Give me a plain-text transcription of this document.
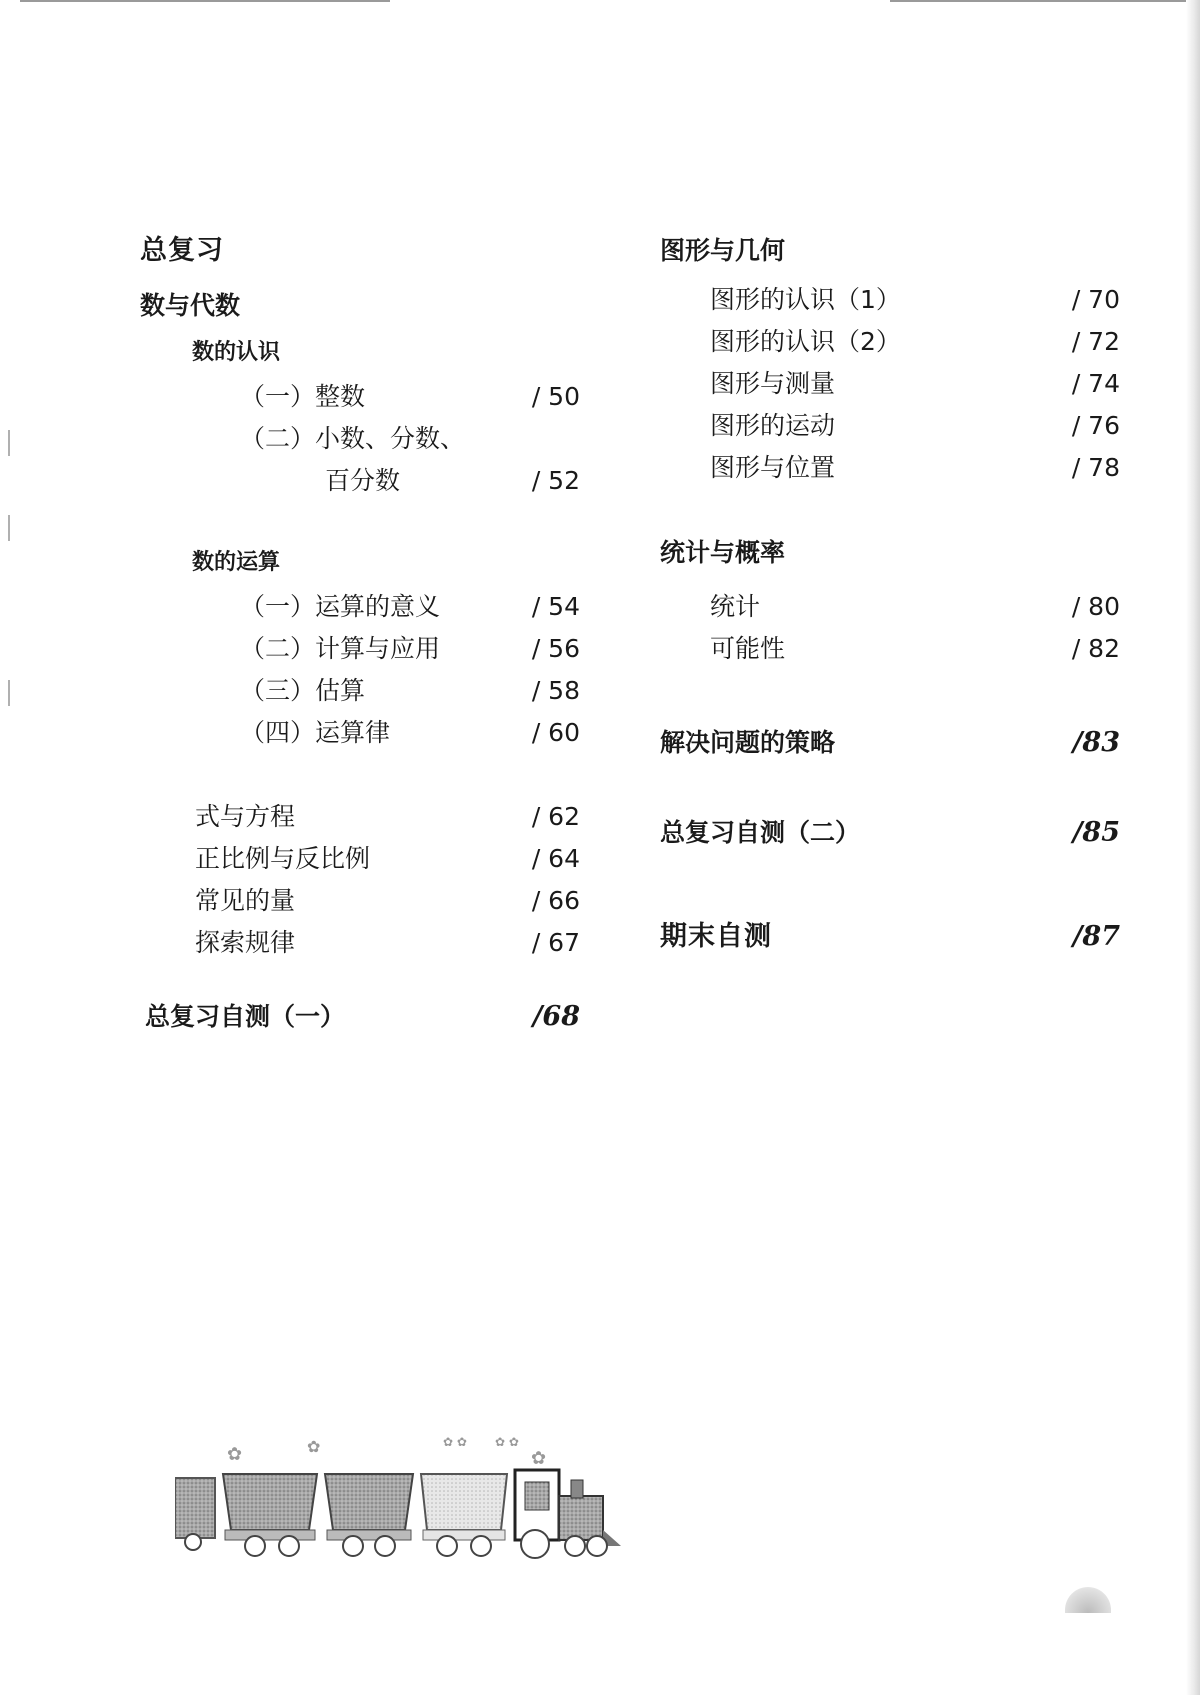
总复习
数与代数
数的认识
（一）整数	/ 50
（二）小数、分数、
百分数	/ 52
数的运算
（一）运算的意义	/ 54
（二）计算与应用	/ 56
（三）估算	/ 58
（四）运算律	/ 60
式与方程	/ 62
正比例与反比例	/ 64
常见的量	/ 66
探索规律	/ 67
总复习自测（一）	/68
图形与几何
图形的认识（1）	/ 70
图形的认识（2）	/ 72
图形与测量	/ 74
图形的运动	/ 76
图形与位置	/ 78
统计与概率
统计	/ 80
可能性	/ 82
解决问题的策略	/83
总复习自测（二）	/85
期末自测	/87
✿	✿	✿ ✿ ✿ ✿
✿
